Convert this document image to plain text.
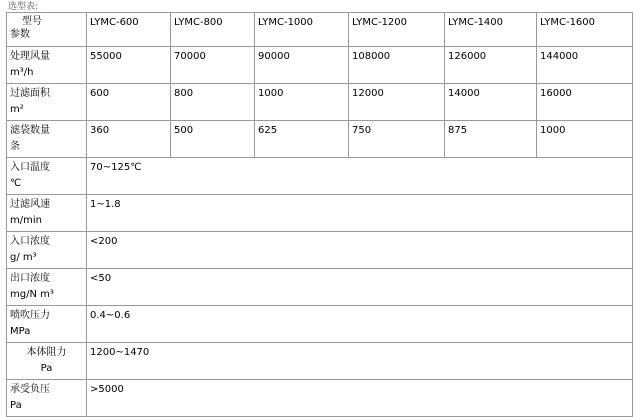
选型表:
型号
参数	LYMC-600	LYMC-800	LYMC-1000	LYMC-1200	LYMC-1400	LYMC-1600
处理风量
m³/h	55000	70000	90000	108000	126000	144000
过滤面积
m²	600	800	1000	12000	14000	16000
滤袋数量
条	360	500	625	750	875	1000
入口温度
℃	70~125℃					
过滤风速
m/min	1~1.8					
入口浓度
g/ m³	<200					
出口浓度
mg/N m³	<50					
喷吹压力
MPa	0.4~0.6					
本体阻力
Pa	1200~1470					
承受负压
Pa	>5000					
